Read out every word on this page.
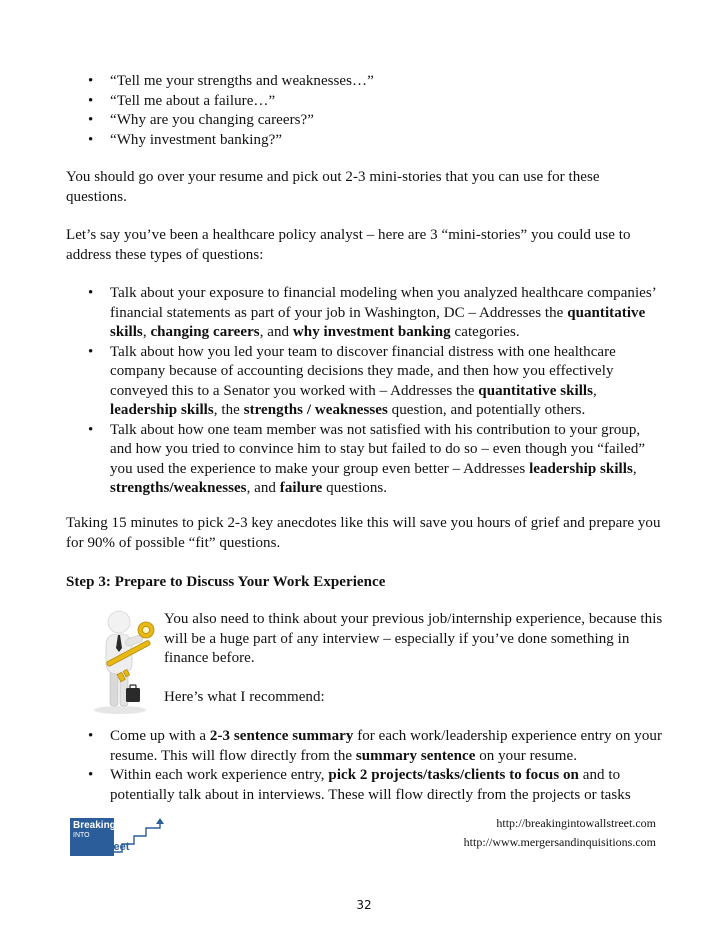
• “Tell me your strengths and weaknesses…”
• “Tell me about a failure…”
• “Why are you changing careers?”
• “Why investment banking?”

You should go over your resume and pick out 2-3 mini-stories that you can use for these questions.

Let’s say you’ve been a healthcare policy analyst – here are 3 “mini-stories” you could use to address these types of questions:

• Talk about your exposure to financial modeling when you analyzed healthcare companies’ financial statements as part of your job in Washington, DC – Addresses the quantitative skills, changing careers, and why investment banking categories.
• Talk about how you led your team to discover financial distress with one healthcare company because of accounting decisions they made, and then how you effectively conveyed this to a Senator you worked with – Addresses the quantitative skills, leadership skills, the strengths / weaknesses question, and potentially others.
• Talk about how one team member was not satisfied with his contribution to your group, and how you tried to convince him to stay but failed to do so – even though you “failed” you used the experience to make your group even better – Addresses leadership skills, strengths/weaknesses, and failure questions.

Taking 15 minutes to pick 2-3 key anecdotes like this will save you hours of grief and prepare you for 90% of possible “fit” questions.

Step 3: Prepare to Discuss Your Work Experience

You also need to think about your previous job/internship experience, because this will be a huge part of any interview – especially if you’ve done something in finance before.

Here’s what I recommend:

• Come up with a 2-3 sentence summary for each work/leadership experience entry on your resume. This will flow directly from the summary sentence on your resume.
• Within each work experience entry, pick 2 projects/tasks/clients to focus on and to potentially talk about in interviews. These will flow directly from the projects or tasks
Breaking
INTO
Wall Street
http://breakingintowallstreet.com
http://www.mergersandinquisitions.com
32
